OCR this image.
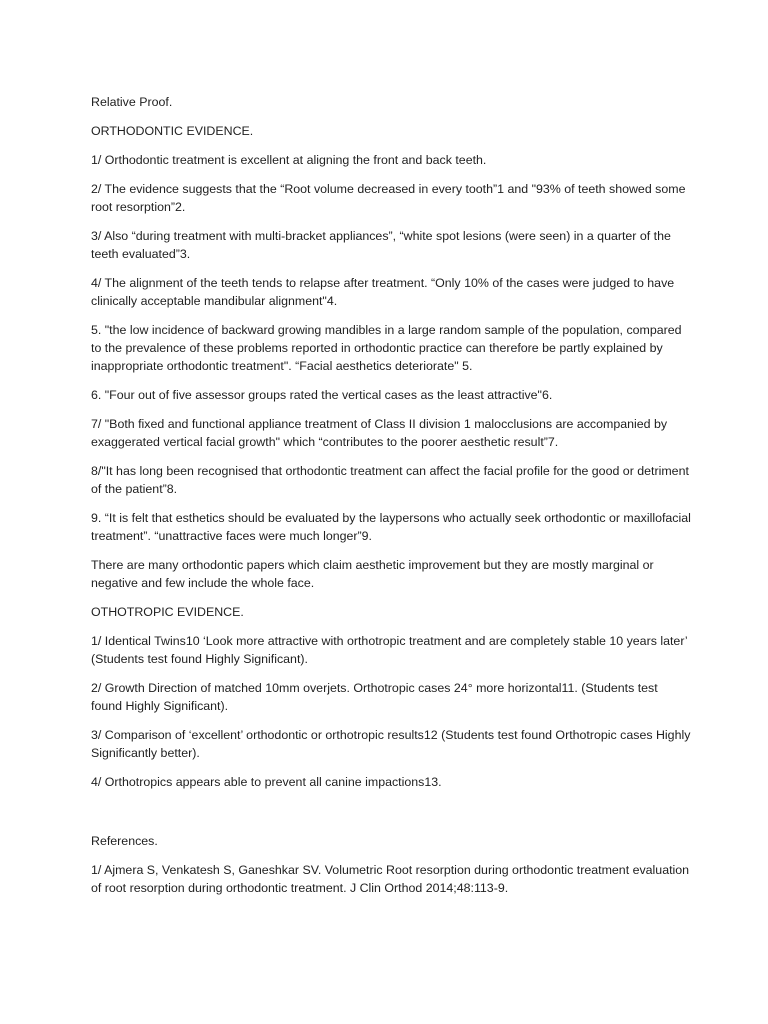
Relative Proof.

ORTHODONTIC EVIDENCE.

1/ Orthodontic treatment is excellent at aligning the front and back teeth.

2/ The evidence suggests that the “Root volume decreased in every tooth”1 and "93% of teeth showed some root resorption”2.

3/ Also “during treatment with multi-bracket appliances”, “white spot lesions (were seen) in a quarter of the teeth evaluated”3.

4/ The alignment of the teeth tends to relapse after treatment. “Only 10% of the cases were judged to have clinically acceptable mandibular alignment"4.

5. "the low incidence of backward growing mandibles in a large random sample of the population, compared to the prevalence of these problems reported in orthodontic practice can therefore be partly explained by inappropriate orthodontic treatment". “Facial aesthetics deteriorate" 5.

6. "Four out of five assessor groups rated the vertical cases as the least attractive"6.

7/ "Both fixed and functional appliance treatment of Class II division 1 malocclusions are accompanied by exaggerated vertical facial growth" which “contributes to the poorer aesthetic result”7.

8/"It has long been recognised that orthodontic treatment can affect the facial profile for the good or detriment of the patient”8.

9. “It is felt that esthetics should be evaluated by the laypersons who actually seek orthodontic or maxillofacial treatment”. “unattractive faces were much longer”9.

There are many orthodontic papers which claim aesthetic improvement but they are mostly marginal or negative and few include the whole face.

OTHOTROPIC EVIDENCE.

1/ Identical Twins10 ‘Look more attractive with orthotropic treatment and are completely stable 10 years later’ (Students test found Highly Significant).

2/ Growth Direction of matched 10mm overjets. Orthotropic cases 24° more horizontal11. (Students test found Highly Significant).

3/ Comparison of ‘excellent’ orthodontic or orthotropic results12 (Students test found Orthotropic cases Highly Significantly better).

4/ Orthotropics appears able to prevent all canine impactions13.

References.

1/ Ajmera S, Venkatesh S, Ganeshkar SV. Volumetric Root resorption during orthodontic treatment evaluation of root resorption during orthodontic treatment. J Clin Orthod 2014;48:113-9.
